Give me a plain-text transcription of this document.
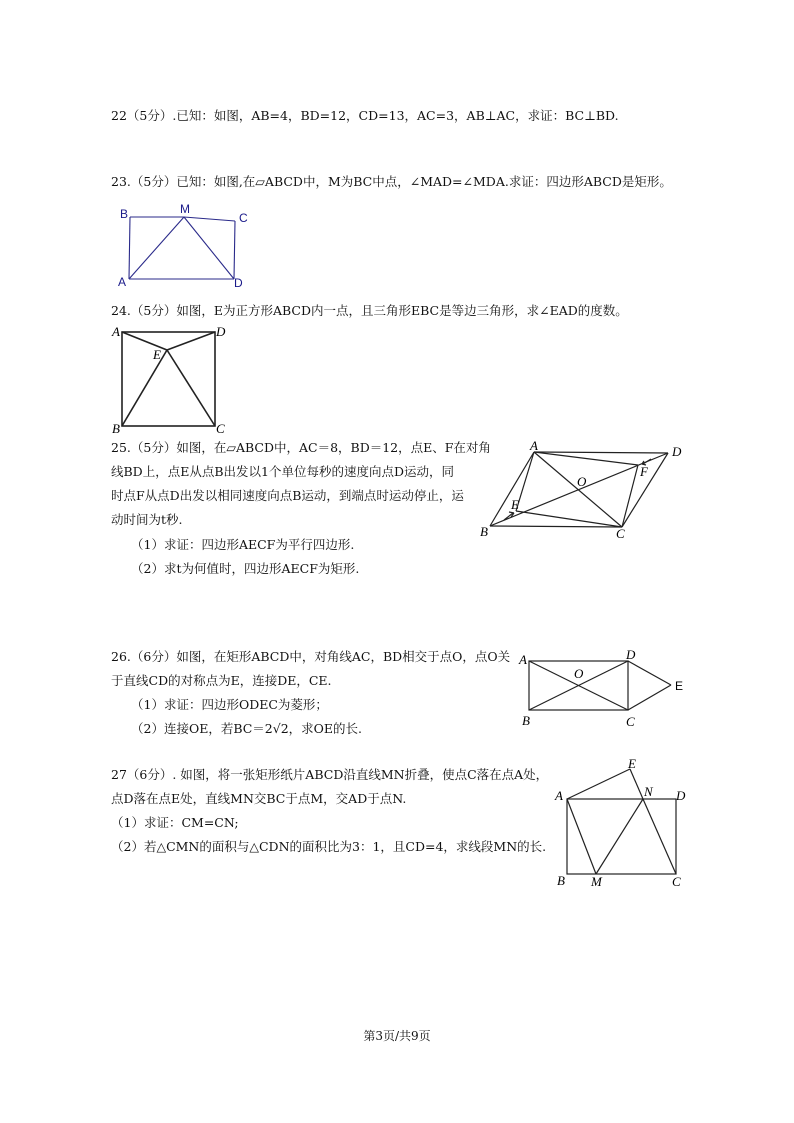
22（5分）.已知：如图，AB=4，BD=12，CD=13，AC=3，AB⊥AC，求证：BC⊥BD.
23.（5分）已知：如图,在▱ABCD中，M为BC中点，∠MAD=∠MDA.求证：四边形ABCD是矩形。
B	M
C
A	D
24.（5分）如图，E为正方形ABCD内一点，且三角形EBC是等边三角形，求∠EAD的度数。
A	D
E
B	C
25.（5分）如图，在▱ABCD中，AC＝8，BD＝12，点E、F在对角
线BD上，点E从点B出发以1个单位每秒的速度向点D运动，同
时点F从点D出发以相同速度向点B运动，到端点时运动停止，运
动时间为t秒.
（1）求证：四边形AECF为平行四边形.
（2）求t为何值时，四边形AECF为矩形.
A	D
F
O
E
B	C
26.（6分）如图，在矩形ABCD中，对角线AC，BD相交于点O，点O关
于直线CD的对称点为E，连接DE，CE.
（1）求证：四边形ODEC为菱形；
（2）连接OE，若BC＝2√2，求OE的长.
A	D
O
E
B	C
27（6分）. 如图，将一张矩形纸片ABCD沿直线MN折叠，使点C落在点A处，
点D落在点E处，直线MN交BC于点M，交AD于点N.
（1）求证：CM=CN;
（2）若△CMN的面积与△CDN的面积比为3：1，且CD=4，求线段MN的长.
E
A	N D
B M	C
第3页/共9页
